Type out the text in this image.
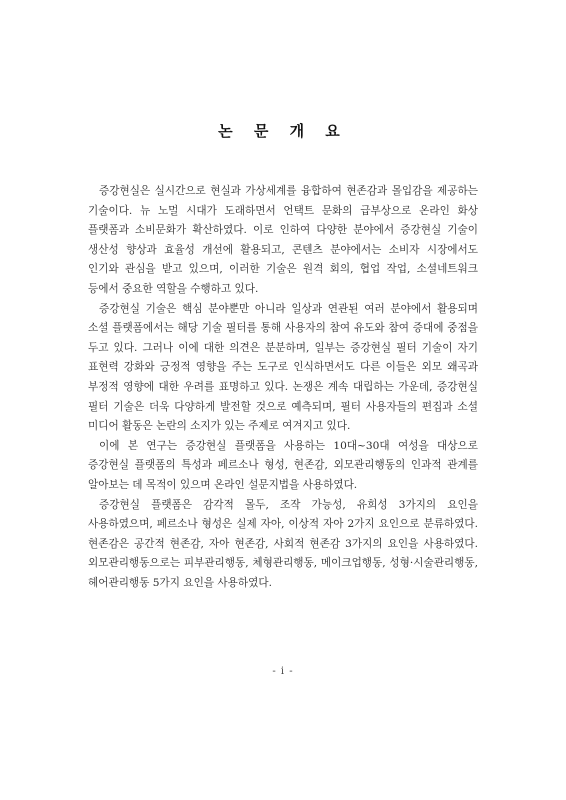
논 문 개 요

증강현실은 실시간으로 현실과 가상세계를 융합하여 현존감과 몰입감을 제공하는 기술이다. 뉴 노멀 시대가 도래하면서 언택트 문화의 급부상으로 온라인 화상 플랫폼과 소비문화가 확산하였다. 이로 인하여 다양한 분야에서 증강현실 기술이 생산성 향상과 효율성 개선에 활용되고, 콘텐츠 분야에서는 소비자 시장에서도 인기와 관심을 받고 있으며, 이러한 기술은 원격 회의, 협업 작업, 소셜네트워크 등에서 중요한 역할을 수행하고 있다.

증강현실 기술은 핵심 분야뿐만 아니라 일상과 연관된 여러 분야에서 활용되며 소셜 플랫폼에서는 해당 기술 필터를 통해 사용자의 참여 유도와 참여 증대에 중점을 두고 있다. 그러나 이에 대한 의견은 분분하며, 일부는 증강현실 필터 기술이 자기 표현력 강화와 긍정적 영향을 주는 도구로 인식하면서도 다른 이들은 외모 왜곡과 부정적 영향에 대한 우려를 표명하고 있다. 논쟁은 계속 대립하는 가운데, 증강현실 필터 기술은 더욱 다양하게 발전할 것으로 예측되며, 필터 사용자들의 편집과 소셜 미디어 활동은 논란의 소지가 있는 주제로 여겨지고 있다.

이에 본 연구는 증강현실 플랫폼을 사용하는 10대~30대 여성을 대상으로 증강현실 플랫폼의 특성과 페르소나 형성, 현존감, 외모관리행동의 인과적 관계를 알아보는 데 목적이 있으며 온라인 설문지법을 사용하였다.

증강현실 플랫폼은 감각적 몰두, 조작 가능성, 유희성 3가지의 요인을 사용하였으며, 페르소나 형성은 실제 자아, 이상적 자아 2가지 요인으로 분류하였다. 현존감은 공간적 현존감, 자아 현존감, 사회적 현존감 3가지의 요인을 사용하였다. 외모관리행동으로는 피부관리행동, 체형관리행동, 메이크업행동, 성형·시술관리행동, 헤어관리행동 5가지 요인을 사용하였다.

- i -
